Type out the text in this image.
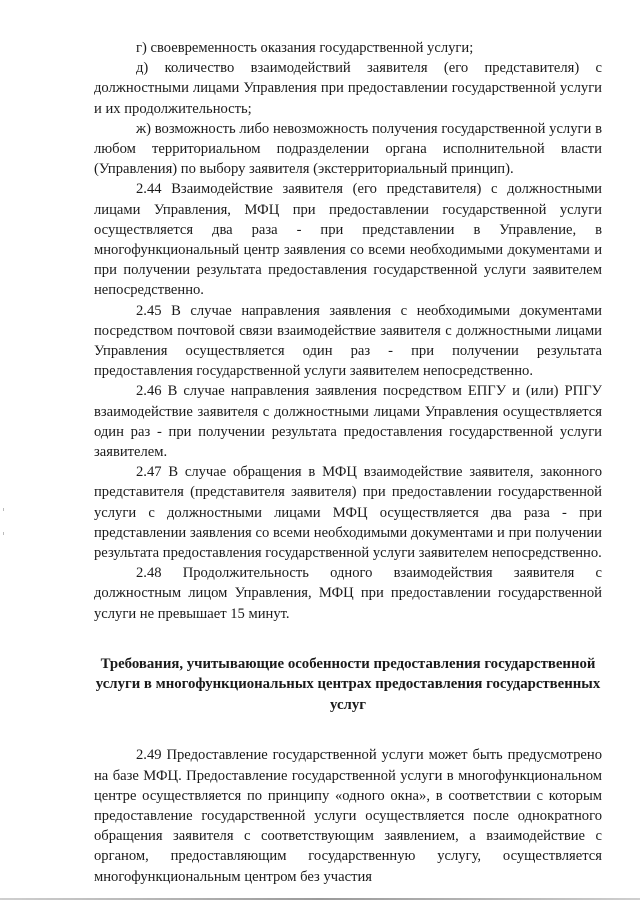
г) своевременность оказания государственной услуги;

д) количество взаимодействий заявителя (его представителя) с должностными лицами Управления при предоставлении государственной услуги и их продолжительность;

ж) возможность либо невозможность получения государственной услуги в любом территориальном подразделении органа исполнительной власти (Управления) по выбору заявителя (экстерриториальный принцип).

2.44 Взаимодействие заявителя (его представителя) с должностными лицами Управления, МФЦ при предоставлении государственной услуги осуществляется два раза - при представлении в Управление, в многофункциональный центр заявления со всеми необходимыми документами и при получении результата предоставления государственной услуги заявителем непосредственно.

2.45 В случае направления заявления с необходимыми документами посредством почтовой связи взаимодействие заявителя с должностными лицами Управления осуществляется один раз - при получении результата предоставления государственной услуги заявителем непосредственно.

2.46 В случае направления заявления посредством ЕПГУ и (или) РПГУ взаимодействие заявителя с должностными лицами Управления осуществляется один раз - при получении результата предоставления государственной услуги заявителем.

2.47 В случае обращения в МФЦ взаимодействие заявителя, законного представителя (представителя заявителя) при предоставлении государственной услуги с должностными лицами МФЦ осуществляется два раза - при представлении заявления со всеми необходимыми документами и при получении результата предоставления государственной услуги заявителем непосредственно.

2.48 Продолжительность одного взаимодействия заявителя с должностным лицом Управления, МФЦ при предоставлении государственной услуги не превышает 15 минут.

Требования, учитывающие особенности предоставления государственной услуги в многофункциональных центрах предоставления государственных услуг

2.49 Предоставление государственной услуги может быть предусмотрено на базе МФЦ. Предоставление государственной услуги в многофункциональном центре осуществляется по принципу «одного окна», в соответствии с которым предоставление государственной услуги осуществляется после однократного обращения заявителя с соответствующим заявлением, а взаимодействие с органом, предоставляющим государственную услугу, осуществляется многофункциональным центром без участия
